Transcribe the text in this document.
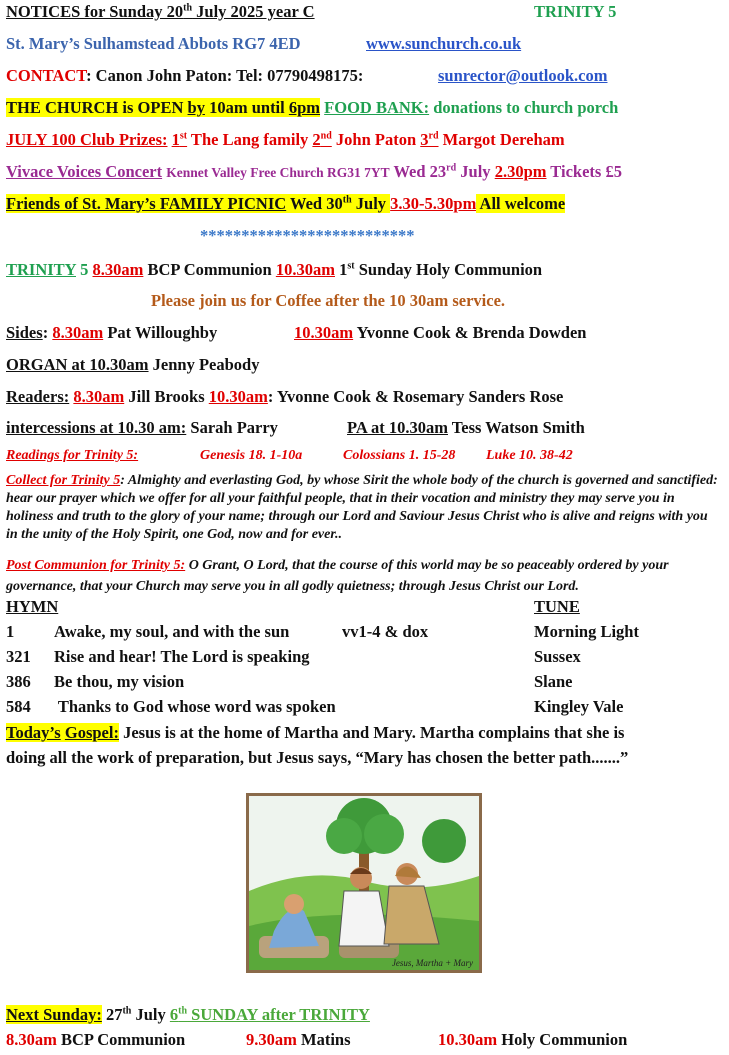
NOTICES for Sunday 20th July 2025 year C	TRINITY 5
St. Mary’s Sulhamstead Abbots RG7 4ED	www.sunchurch.co.uk
CONTACT: Canon John Paton: Tel: 07790498175:	sunrector@outlook.com
THE CHURCH is OPEN by 10am until 6pm FOOD BANK: donations to church porch
JULY 100 Club Prizes: 1st The Lang family 2nd John Paton 3rd Margot Dereham
Vivace Voices Concert Kennet Valley Free Church RG31 7YT Wed 23rd July 2.30pm Tickets £5
Friends of St. Mary’s FAMILY PICNIC Wed 30th July 3.30-5.30pm All welcome
**************************
TRINITY 5 8.30am BCP Communion 10.30am 1st Sunday Holy Communion
Please join us for Coffee after the 10 30am service.
Sides: 8.30am Pat Willoughby	10.30am Yvonne Cook & Brenda Dowden
ORGAN at 10.30am Jenny Peabody
Readers: 8.30am Jill Brooks 10.30am: Yvonne Cook & Rosemary Sanders Rose
intercessions at 10.30 am: Sarah Parry	PA at 10.30am Tess Watson Smith
Readings for Trinity 5:	Genesis 18. 1-10a	Colossians 1. 15-28 Luke 10. 38-42
Collect for Trinity 5: Almighty and everlasting God, by whose Sirit the whole body of the church is governed and sanctified: hear our prayer which we offer for all your faithful people, that in their vocation and ministry they may serve you in holiness and truth to the glory of your name; through our Lord and Saviour Jesus Christ who is alive and reigns with you in the unity of the Holy Spirit, one God, now and for ever..
Post Communion for Trinity 5: O Grant, O Lord, that the course of this world may be so peaceably ordered by your governance, that your Church may serve you in all godly quietness; through Jesus Christ our Lord.
HYMN	TUNE
1 Awake, my soul, and with the sun	vv1-4 & dox	Morning Light
321 Rise and hear! The Lord is speaking	Sussex
386 Be thou, my vision	Slane
584 Thanks to God whose word was spoken	Kingley Vale
Today’s Gospel: Jesus is at the home of Martha and Mary. Martha complains that she is
doing all the work of preparation, but Jesus says, “Mary has chosen the better path.......”
Jesus, Martha + Mary
Next Sunday: 27th July 6th SUNDAY after TRINITY
8.30am BCP Communion	9.30am Matins	10.30am Holy Communion
